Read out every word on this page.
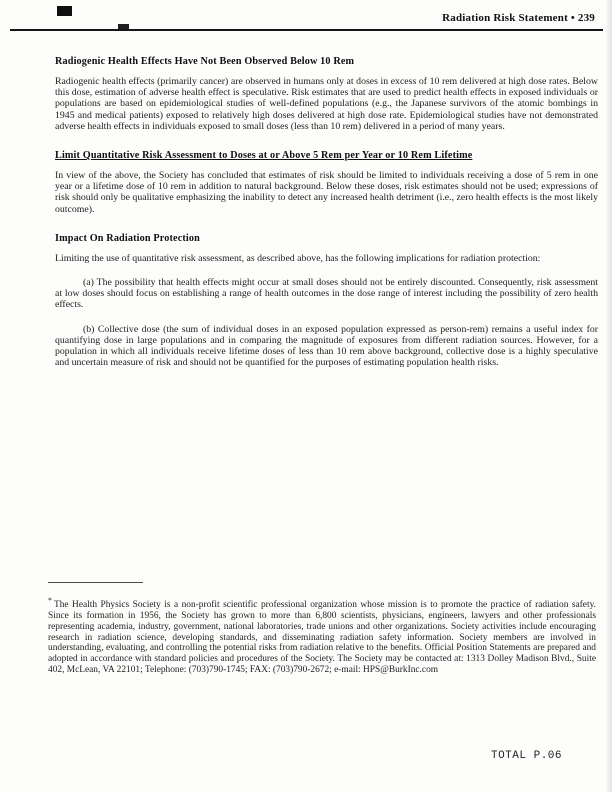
Radiation Risk Statement • 239
Radiogenic Health Effects Have Not Been Observed Below 10 Rem

Radiogenic health effects (primarily cancer) are observed in humans only at doses in excess of 10 rem delivered at high dose rates. Below this dose, estimation of adverse health effect is speculative. Risk estimates that are used to predict health effects in exposed individuals or populations are based on epidemiological studies of well-defined populations (e.g., the Japanese survivors of the atomic bombings in 1945 and medical patients) exposed to relatively high doses delivered at high dose rate. Epidemiological studies have not demonstrated adverse health effects in individuals exposed to small doses (less than 10 rem) delivered in a period of many years.

Limit Quantitative Risk Assessment to Doses at or Above 5 Rem per Year or 10 Rem Lifetime

In view of the above, the Society has concluded that estimates of risk should be limited to individuals receiving a dose of 5 rem in one year or a lifetime dose of 10 rem in addition to natural background. Below these doses, risk estimates should not be used; expressions of risk should only be qualitative emphasizing the inability to detect any increased health detriment (i.e., zero health effects is the most likely outcome).

Impact On Radiation Protection

Limiting the use of quantitative risk assessment, as described above, has the following implications for radiation protection:

(a) The possibility that health effects might occur at small doses should not be entirely discounted. Consequently, risk assessment at low doses should focus on establishing a range of health outcomes in the dose range of interest including the possibility of zero health effects.

(b) Collective dose (the sum of individual doses in an exposed population expressed as person-rem) remains a useful index for quantifying dose in large populations and in comparing the magnitude of exposures from different radiation sources. However, for a population in which all individuals receive lifetime doses of less than 10 rem above background, collective dose is a highly speculative and uncertain measure of risk and should not be quantified for the purposes of estimating population health risks.

* The Health Physics Society is a non-profit scientific professional organization whose mission is to promote the practice of radiation safety. Since its formation in 1956, the Society has grown to more than 6,800 scientists, physicians, engineers, lawyers and other professionals representing academia, industry, government, national laboratories, trade unions and other organizations. Society activities include encouraging research in radiation science, developing standards, and disseminating radiation safety information. Society members are involved in understanding, evaluating, and controlling the potential risks from radiation relative to the benefits. Official Position Statements are prepared and adopted in accordance with standard policies and procedures of the Society. The Society may be contacted at: 1313 Dolley Madison Blvd., Suite 402, McLean, VA 22101; Telephone: (703)790-1745; FAX: (703)790-2672; e-mail: HPS@BurkInc.com

TOTAL P.06
